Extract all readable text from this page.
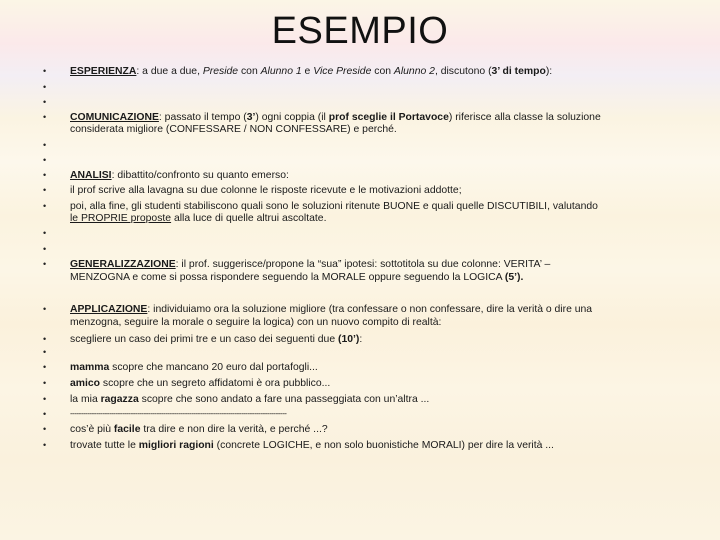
ESEMPIO
•
•
•
•
•
•
•
•
•
•
•
•
•
•
•
•
•
•
•
•
•
ESPERIENZA: a due a due, Preside con Alunno 1 e Vice Preside con Alunno 2, discutono (3’ di tempo):
COMUNICAZIONE: passato il tempo (3’) ogni coppia (il prof sceglie il Portavoce) riferisce alla classe la soluzione
considerata migliore (CONFESSARE / NON CONFESSARE) e perché.
ANALISI: dibattito/confronto su quanto emerso:
il prof scrive alla lavagna su due colonne le risposte ricevute e le motivazioni addotte;
poi, alla fine, gli studenti stabiliscono quali sono le soluzioni ritenute BUONE e quali quelle DISCUTIBILI, valutando
le PROPRIE proposte alla luce di quelle altrui ascoltate.
GENERALIZZAZIONE: il prof. suggerisce/propone la “sua” ipotesi: sottotitola su due colonne: VERITA’ –
MENZOGNA e come si possa rispondere seguendo la MORALE oppure seguendo la LOGICA (5’).
APPLICAZIONE: individuiamo ora la soluzione migliore (tra confessare o non confessare, dire la verità o dire una
menzogna, seguire la morale o seguire la logica) con un nuovo compito di realtà:
scegliere un caso dei primi tre e un caso dei seguenti due (10’):
mamma scopre che mancano 20 euro dal portafogli...
amico scopre che un segreto affidatomi è ora pubblico...
la mia ragazza scopre che sono andato a fare una passeggiata con un’altra ...
----------------------------------------------------------------------------------------------------
cos’è più facile tra dire e non dire la verità, e perché ...?
trovate tutte le migliori ragioni (concrete LOGICHE, e non solo buonistiche MORALI) per dire la verità ...
